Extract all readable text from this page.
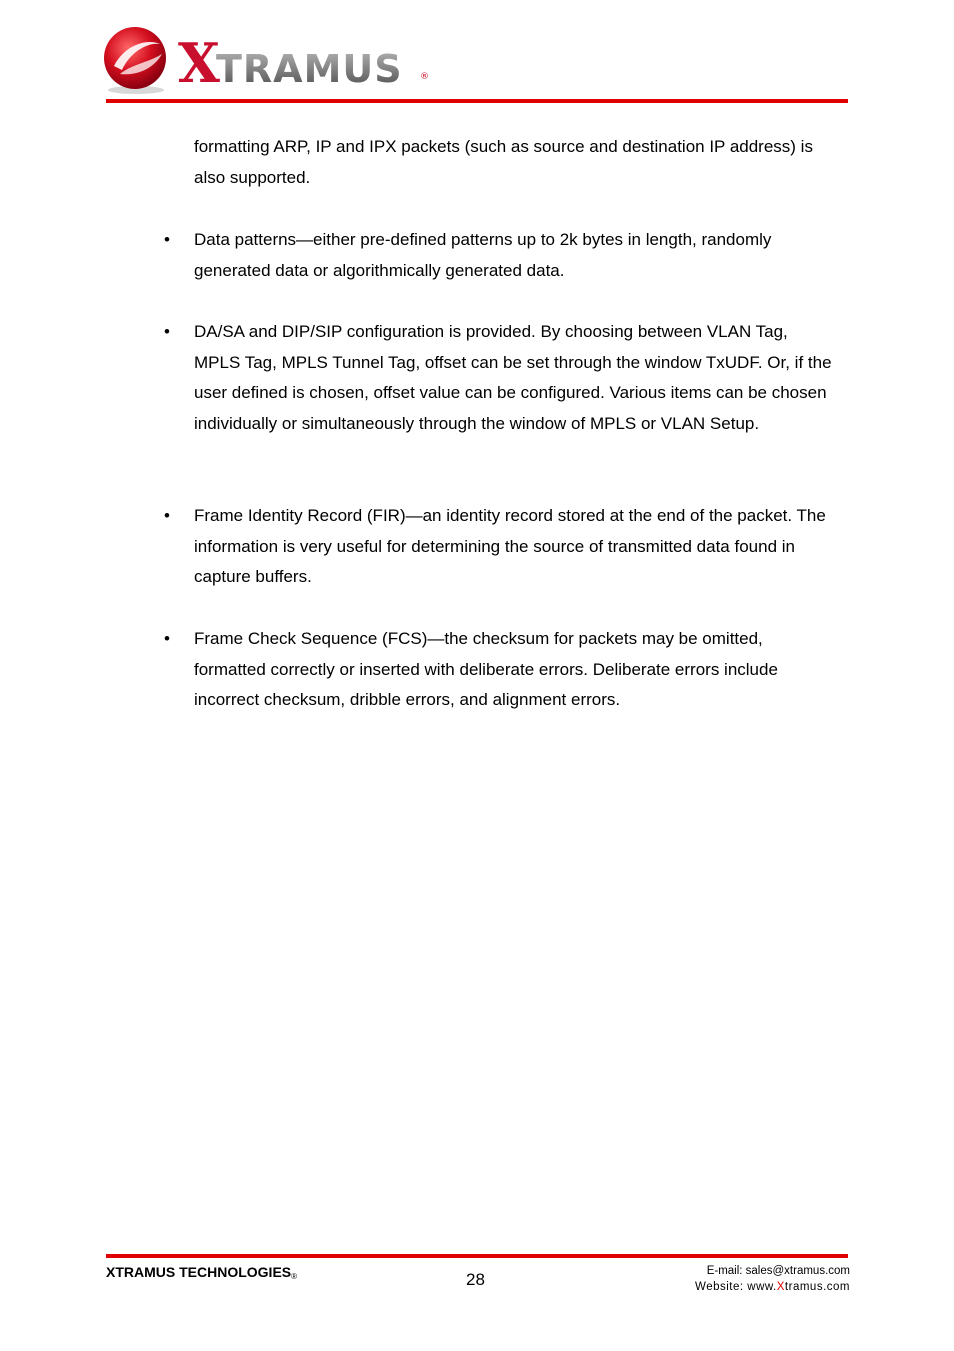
X
TRAMUS ®
formatting ARP, IP and IPX packets (such as source and destination IP address) is also supported.
• Data patterns—either pre-defined patterns up to 2k bytes in length, randomly generated data or algorithmically generated data.
• DA/SA and DIP/SIP configuration is provided. By choosing between VLAN Tag, MPLS Tag, MPLS Tunnel Tag, offset can be set through the window TxUDF. Or, if the user defined is chosen, offset value can be configured. Various items can be chosen individually or simultaneously through the window of MPLS or VLAN Setup.
• Frame Identity Record (FIR)—an identity record stored at the end of the packet. The information is very useful for determining the source of transmitted data found in capture buffers.
• Frame Check Sequence (FCS)—the checksum for packets may be omitted, formatted correctly or inserted with deliberate errors. Deliberate errors include incorrect checksum, dribble errors, and alignment errors.
XTRAMUS $TECHNOLOGIES_®$	28	E-mail: sales@xtramus.com
Website: www.Xtramus.com
